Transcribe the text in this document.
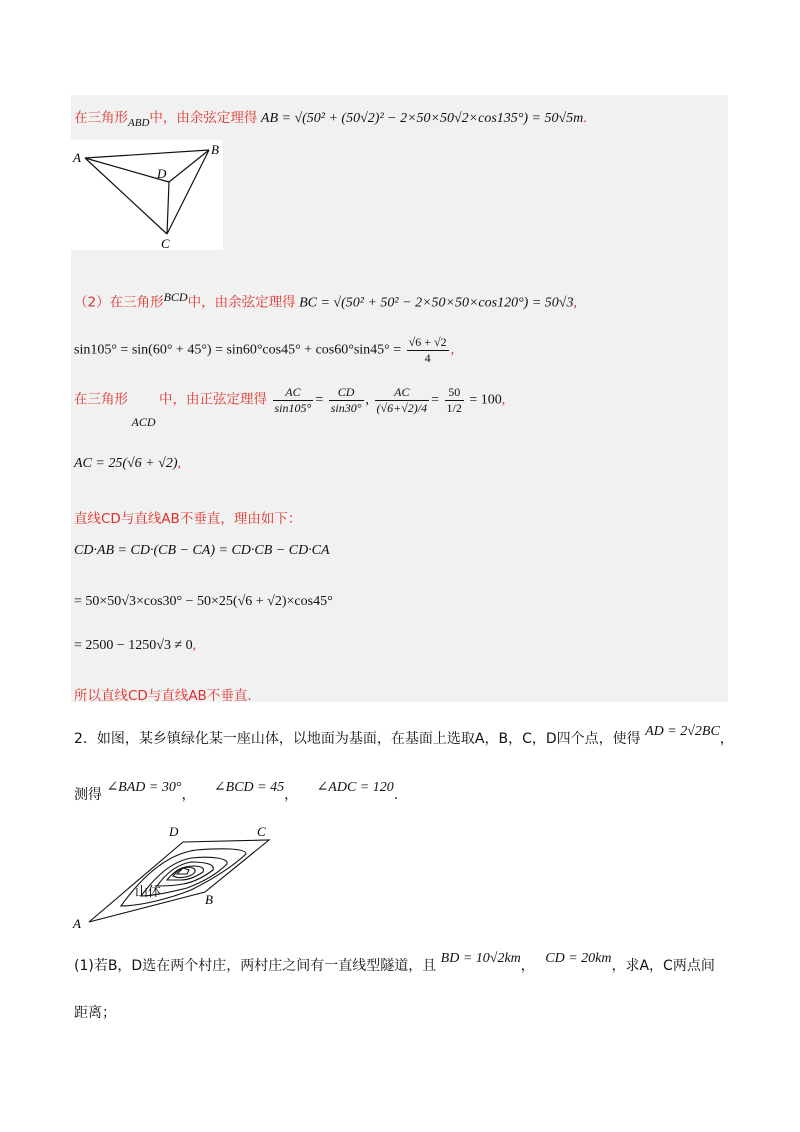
在三角形$_{ABD}$中，由余弦定理得 AB = √(50² + (50√2)² − 2×50×50√2×cos135°) = 50√5m.
A
B
C
D
（2）在三角形$^{BCD}$中，由余弦定理得 BC = √(50² + 50² − 2×50×50×cos120°) = 50√3,
$\sin 105^\circ = \sin(60^\circ + 45^\circ) = \sin 60^\circ\cos 45^\circ + \cos 60^\circ\sin 45^\circ = \frac{√6 + √2}{4}$ ,
在三角形 $_{ACD}$ 中，由正弦定理得 $\frac{AC}{\sin 105^\circ} = \frac{CD}{\sin 30^\circ}$ , $\frac{AC}{(√6+√2)/4} = \frac{50}{1/2} = 100$,
AC = 25(√6 + √2),
直线CD与直线AB不垂直，理由如下：
CD·AB = CD·(CB − CA) = CD·CB − CD·CA
= 50×50√3×cos30° − 50×25(√6 + √2)×cos45°
= 2500 − 1250√3 ≠ 0,
所以直线CD与直线AB不垂直.
2．如图，某乡镇绿化某一座山体，以地面为基面，在基面上选取A，B，C，D四个点，使得 AD = 2√2BC，
测得 ∠BAD = 30°， ∠BCD = 45， ∠ADC = 120.
A
B
C
D
山体
(1)若B，D选在两个村庄，两村庄之间有一直线型隧道，且 BD = 10√2km， CD = 20km，求A，C两点间
距离；
